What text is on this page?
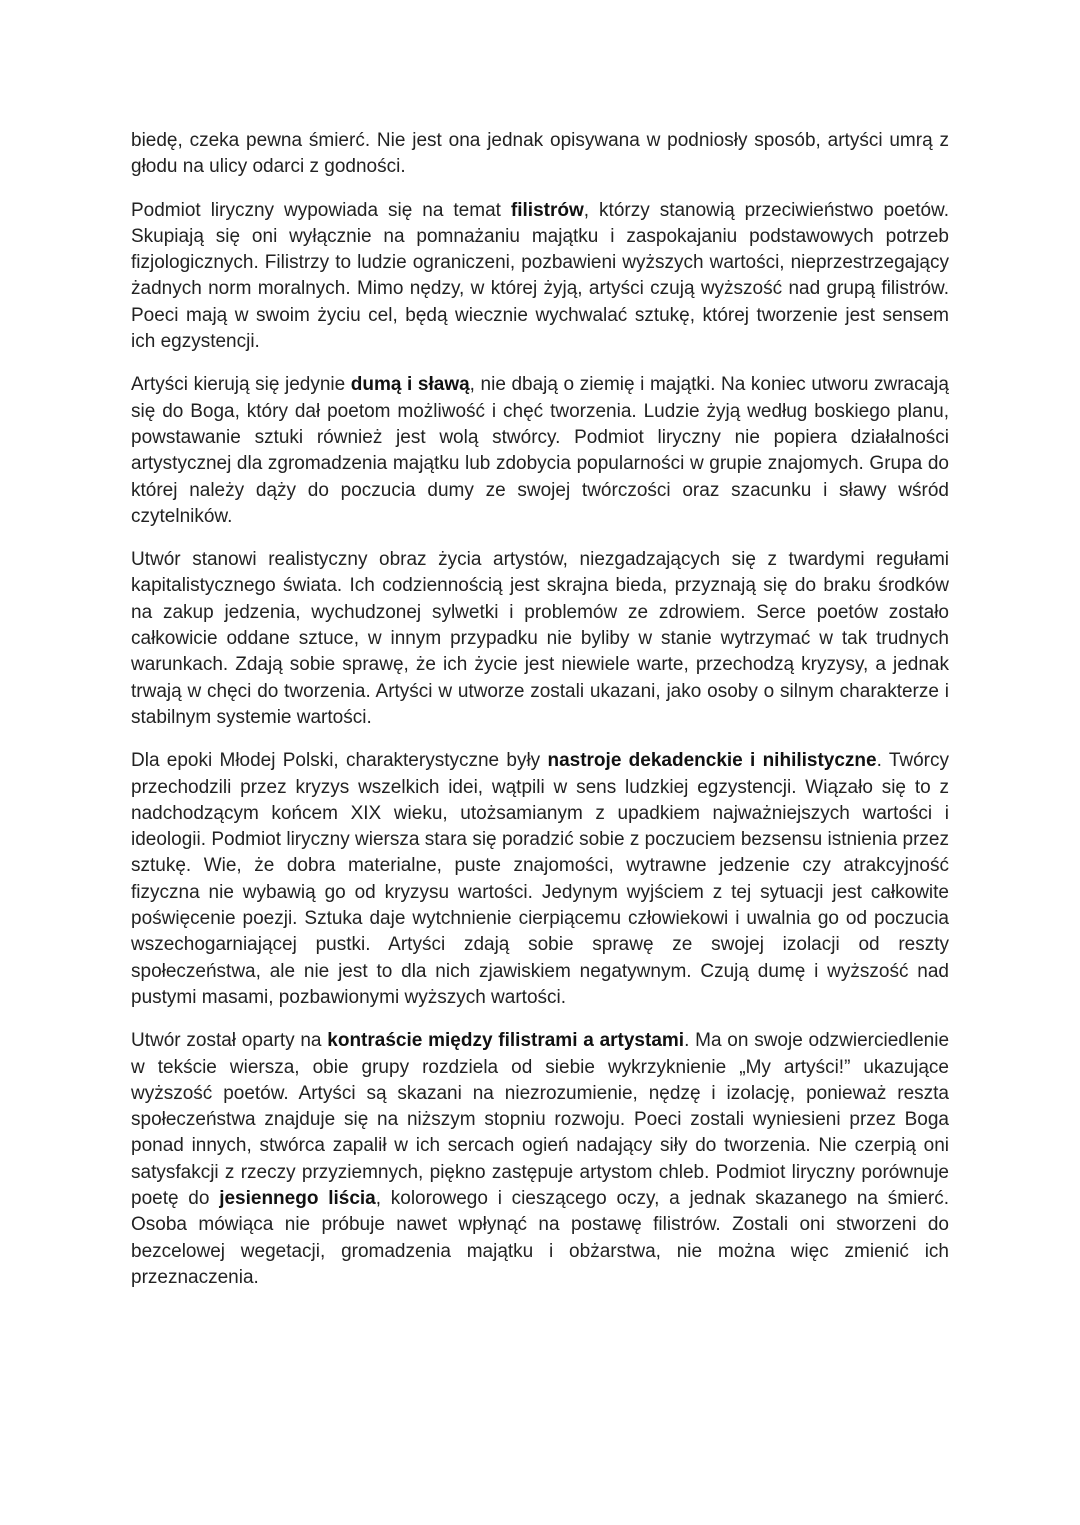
biedę, czeka pewna śmierć. Nie jest ona jednak opisywana w podniosły sposób, artyści umrą z głodu na ulicy odarci z godności.

Podmiot liryczny wypowiada się na temat filistrów, którzy stanowią przeciwieństwo poetów. Skupiają się oni wyłącznie na pomnażaniu majątku i zaspokajaniu podstawowych potrzeb fizjologicznych. Filistrzy to ludzie ograniczeni, pozbawieni wyższych wartości, nieprzestrzegający żadnych norm moralnych. Mimo nędzy, w której żyją, artyści czują wyższość nad grupą filistrów. Poeci mają w swoim życiu cel, będą wiecznie wychwalać sztukę, której tworzenie jest sensem ich egzystencji.

Artyści kierują się jedynie dumą i sławą, nie dbają o ziemię i majątki. Na koniec utworu zwracają się do Boga, który dał poetom możliwość i chęć tworzenia. Ludzie żyją według boskiego planu, powstawanie sztuki również jest wolą stwórcy. Podmiot liryczny nie popiera działalności artystycznej dla zgromadzenia majątku lub zdobycia popularności w grupie znajomych. Grupa do której należy dąży do poczucia dumy ze swojej twórczości oraz szacunku i sławy wśród czytelników.

Utwór stanowi realistyczny obraz życia artystów, niezgadzających się z twardymi regułami kapitalistycznego świata. Ich codziennością jest skrajna bieda, przyznają się do braku środków na zakup jedzenia, wychudzonej sylwetki i problemów ze zdrowiem. Serce poetów zostało całkowicie oddane sztuce, w innym przypadku nie byliby w stanie wytrzymać w tak trudnych warunkach. Zdają sobie sprawę, że ich życie jest niewiele warte, przechodzą kryzysy, a jednak trwają w chęci do tworzenia. Artyści w utworze zostali ukazani, jako osoby o silnym charakterze i stabilnym systemie wartości.

Dla epoki Młodej Polski, charakterystyczne były nastroje dekadenckie i nihilistyczne. Twórcy przechodzili przez kryzys wszelkich idei, wątpili w sens ludzkiej egzystencji. Wiązało się to z nadchodzącym końcem XIX wieku, utożsamianym z upadkiem najważniejszych wartości i ideologii. Podmiot liryczny wiersza stara się poradzić sobie z poczuciem bezsensu istnienia przez sztukę. Wie, że dobra materialne, puste znajomości, wytrawne jedzenie czy atrakcyjność fizyczna nie wybawią go od kryzysu wartości. Jedynym wyjściem z tej sytuacji jest całkowite poświęcenie poezji. Sztuka daje wytchnienie cierpiącemu człowiekowi i uwalnia go od poczucia wszechogarniającej pustki. Artyści zdają sobie sprawę ze swojej izolacji od reszty społeczeństwa, ale nie jest to dla nich zjawiskiem negatywnym. Czują dumę i wyższość nad pustymi masami, pozbawionymi wyższych wartości.

Utwór został oparty na kontraście między filistrami a artystami. Ma on swoje odzwierciedlenie w tekście wiersza, obie grupy rozdziela od siebie wykrzyknienie „My artyści!” ukazujące wyższość poetów. Artyści są skazani na niezrozumienie, nędzę i izolację, ponieważ reszta społeczeństwa znajduje się na niższym stopniu rozwoju. Poeci zostali wyniesieni przez Boga ponad innych, stwórca zapalił w ich sercach ogień nadający siły do tworzenia. Nie czerpią oni satysfakcji z rzeczy przyziemnych, piękno zastępuje artystom chleb. Podmiot liryczny porównuje poetę do jesiennego liścia, kolorowego i cieszącego oczy, a jednak skazanego na śmierć. Osoba mówiąca nie próbuje nawet wpłynąć na postawę filistrów. Zostali oni stworzeni do bezcelowej wegetacji, gromadzenia majątku i obżarstwa, nie można więc zmienić ich przeznaczenia.
